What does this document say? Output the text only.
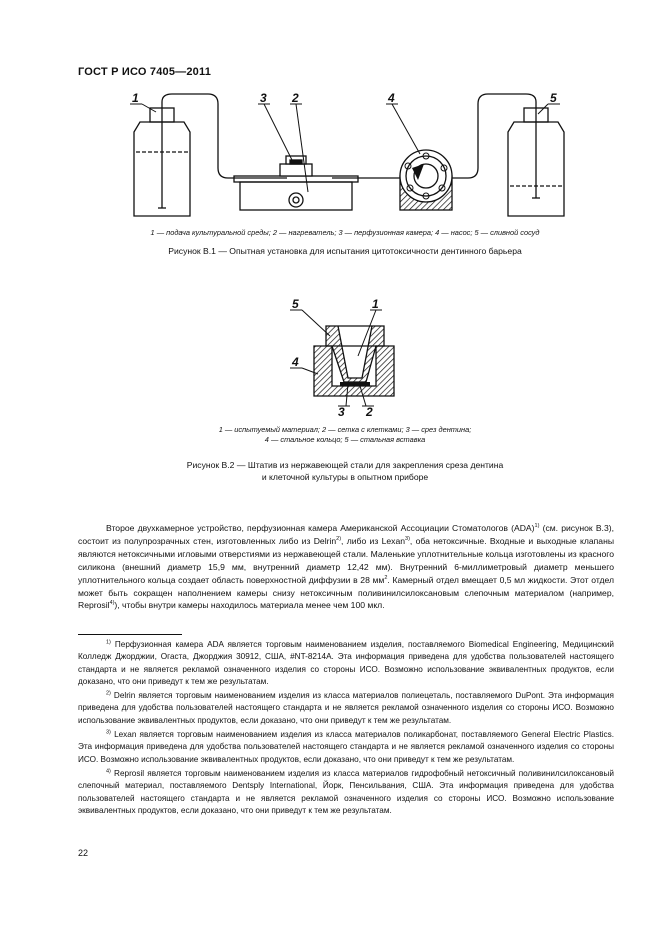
ГОСТ Р ИСО 7405—2011
1	3 2	4	5
1 — подача культуральной среды; 2 — нагреватель; 3 — перфузионная камера; 4 — насос; 5 — сливной сосуд
Рисунок В.1 — Опытная установка для испытания цитотоксичности дентинного барьера
5	1
4
3 2
1 — испытуемый материал; 2 — сетка с клетками; 3 — срез дентина;
4 — стальное кольцо; 5 — стальная вставка
Рисунок В.2 — Штатив из нержавеющей стали для закрепления среза дентина
и клеточной культуры в опытном приборе

Второе двухкамерное устройство, перфузионная камера Американской Ассоциации Стоматологов (ADA)$^{1)}$ (см. рисунок В.3), состоит из полупрозрачных стен, изготовленных либо из Delrin$^{2)}$, либо из Lexan$^{3)}$, оба нетоксичные. Входные и выходные клапаны являются нетоксичными игловыми отверстиями из нержавеющей стали. Маленькие уплотнительные кольца изготовлены из красного силикона (внешний диаметр 15,9 мм, внутренний диаметр 12,42 мм). Внутренний 6-миллиметровый диаметр меньшего уплотнительного кольца создает область поверхностной диффузии в 28 $мм^2$. Камерный отдел вмещает 0,5 мл жидкости. Этот отдел может быть сокращен наполнением камеры снизу нетоксичным поливинилсилоксановым слепочным материалом (например, Reprosil$^{4)}$), чтобы внутри камеры находилось материала менее чем 100 мкл.

$^{1)}$ Перфузионная камера ADA является торговым наименованием изделия, поставляемого Biomedical Engineering, Медицинский Колледж Джорджии, Огаста, Джорджия 30912, США, #NT-8214A. Эта информация приведена для удобства пользователей настоящего стандарта и не является рекламой означенного изделия со стороны ИСО. Возможно использование эквивалентных продуктов, если доказано, что они приведут к тем же результатам.

$^{2)}$ Delrin является торговым наименованием изделия из класса материалов полиецеталь, поставляемого DuPont. Эта информация приведена для удобства пользователей настоящего стандарта и не является рекламой означенного изделия со стороны ИСО. Возможно использование эквивалентных продуктов, если доказано, что они приведут к тем же результатам.

$^{3)}$ Lexan является торговым наименованием изделия из класса материалов поликарбонат, поставляемого General Electric Plastics. Эта информация приведена для удобства пользователей настоящего стандарта и не является рекламой означенного изделия со стороны ИСО. Возможно использование эквивалентных продуктов, если доказано, что они приведут к тем же результатам.

$^{4)}$ Reprosil является торговым наименованием изделия из класса материалов гидрофобный нетоксичный поливинилсилоксановый слепочный материал, поставляемого Dentsply International, Йорк, Пенсильвания, США. Эта информация приведена для удобства пользователей настоящего стандарта и не является рекламой означенного изделия со стороны ИСО. Возможно использование эквивалентных продуктов, если доказано, что они приведут к тем же результатам.

22
